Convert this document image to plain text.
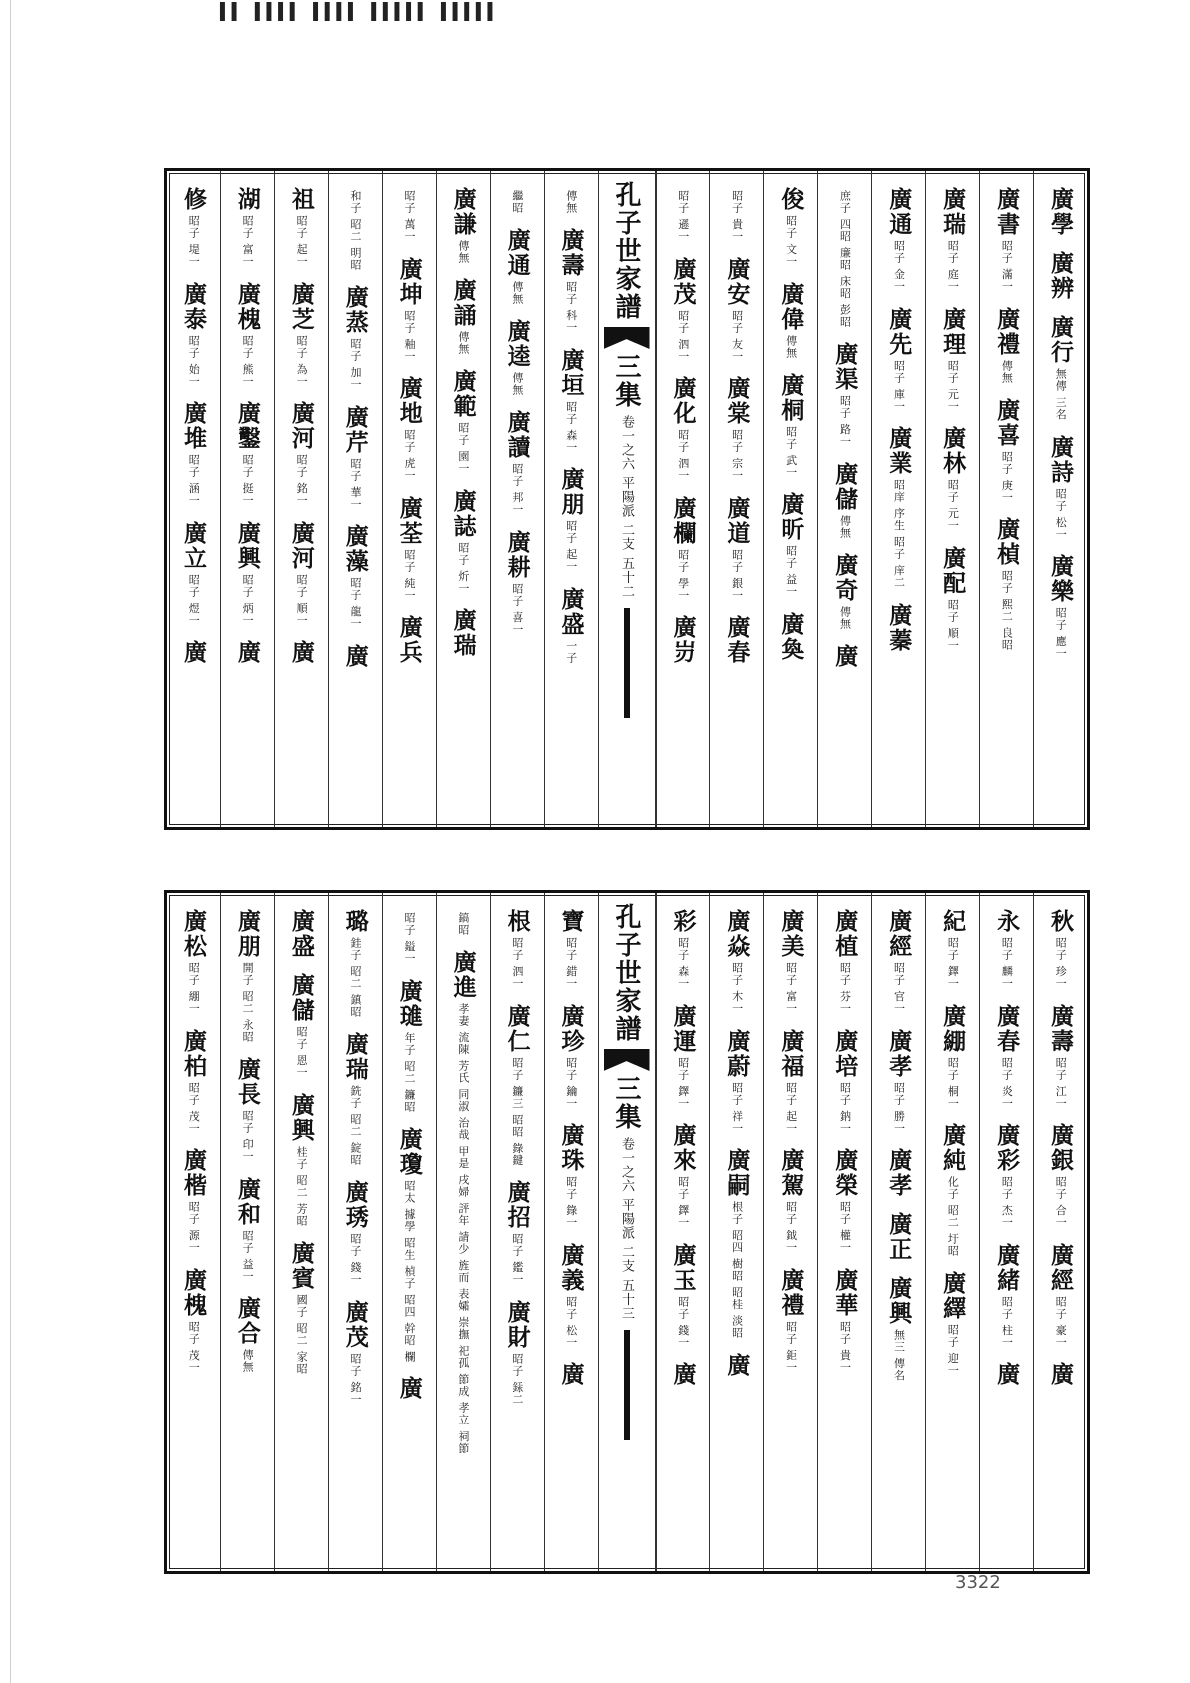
▌▌ ▌▌▌▌ ▌▌▌▌ ▌▌▌▌▌ ▌▌▌▌▌
廣學
廣辨
廣行
無傳 三名
廣詩
昭子 松一
廣樂
昭子 應一
廣書
昭子 滿一
廣禮
傳無
廣喜
昭子 庚一
廣楨
昭子 熙二 良昭
廣瑞
昭子 庭一
廣理
昭子 元一
廣林
昭子 元一
廣配
昭子 順一
廣通
昭子 金一
廣先
昭子 庫一
廣業
昭庠 序生 昭子 庠二
廣蓁
庶子 四昭 廉昭 床昭 彭昭
廣渠
昭子 路一
廣儲
傳無
廣奇
傳無
廣
俊
昭子 文一
廣偉
傳無
廣桐
昭子 武一
廣昕
昭子 益一
廣奐
昭子 貴一
廣安
昭子 友一
廣棠
昭子 宗一
廣道
昭子 銀一
廣春
昭子 遜一
廣茂
昭子 泗一
廣化
昭子 泗一
廣欄
昭子 學一
廣岃
孔子世家譜
三集
卷一之六 平陽派 二支 五十二
傳無
廣壽
昭子 科一
廣垣
昭子 森一
廣朋
昭子 起一
廣盛
一子
繼昭
廣通
傳無
廣逵
傳無
廣讀
昭子 邦一
廣耕
昭子 喜一
廣謙
傳無
廣誦
傳無
廣範
昭子 園一
廣誌
昭子 炘一
廣瑞
昭子 萬一
廣坤
昭子 釉一
廣地
昭子 虎一
廣荃
昭子 純一
廣兵
和子 昭二 明昭
廣蒸
昭子 加一
廣芹
昭子 華一
廣藻
昭子 龍一
廣
祖
昭子 起一
廣芝
昭子 為一
廣河
昭子 銘一
廣河
昭子 順一
廣
湖
昭子 富一
廣槐
昭子 熊一
廣鑿
昭子 挺一
廣興
昭子 炳一
廣
修
昭子 堤一
廣泰
昭子 始一
廣堆
昭子 涵一
廣立
昭子 煜一
廣
秋
昭子 珍一
廣壽
昭子 江一
廣銀
昭子 合一
廣經
昭子 豪一
廣
永
昭子 麟一
廣春
昭子 炎一
廣彩
昭子 杰一
廣緒
昭子 柱一
廣
紀
昭子 鐸一
廣綳
昭子 桐一
廣純
化子 昭二 圩昭
廣繹
昭子 迎一
廣經
昭子 官一
廣孝
昭子 勝一
廣孝
廣正
廣興
無三 傳名
廣植
昭子 芬一
廣培
昭子 鈉一
廣榮
昭子 權一
廣華
昭子 貴一
廣美
昭子 富一
廣福
昭子 起一
廣駕
昭子 鉞一
廣禮
昭子 鉅一
廣焱
昭子 木一
廣蔚
昭子 祥一
廣嗣
根子 昭四 樹昭 昭桂 淡昭
廣
彩
昭子 森一
廣運
昭子 鐸一
廣來
昭子 鐸一
廣玉
昭子 錢一
廣
孔子世家譜
三集
卷一之六 平陽派 二支 五十三
寶
昭子 錯一
廣珍
昭子 鑰一
廣珠
昭子 錄一
廣義
昭子 松一
廣
根
昭子 泗一
廣仁
昭子 鐮三 昭昭 錄鍵
廣招
昭子 鑑一
廣財
昭子 銾二
鎬昭
廣進
孝妻 流陳 芳氏 同淑 治哉 甲是 戌婦 評年 請少 旌而 表孀 崇撫 祀孤 節成 孝立 祠節
昭子 鎰一
廣璡
年子 昭二 鐮昭
廣瓊
昭太 據學 昭生 楨子 昭四 幹昭 欄
廣
璐
銈子 昭二 鎮昭
廣瑞
銑子 昭二 錠昭
廣琇
昭子 錢一
廣茂
昭子 銘一
廣盛
廣儲
昭子 恩一
廣興
桂子 昭二 芳昭
廣賓
國子 昭二 家昭
廣朋
開子 昭二 永昭
廣長
昭子 印一
廣和
昭子 益一
廣合
傳無
廣松
昭子 綳一
廣柏
昭子 茂一
廣楷
昭子 源一
廣槐
昭子 茂一
3322
